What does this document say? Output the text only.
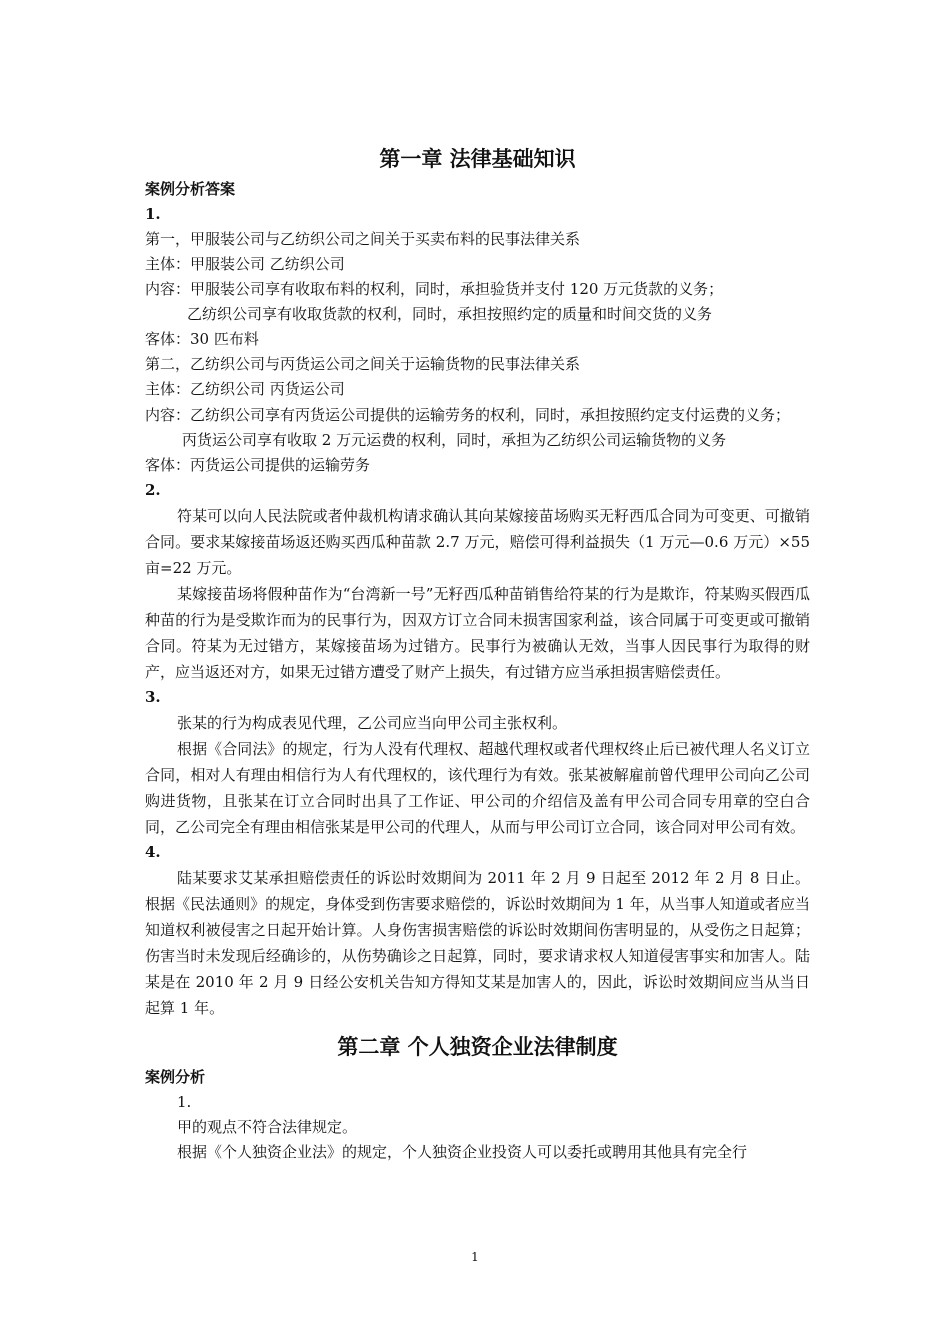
第一章 法律基础知识
案例分析答案
1.
第一，甲服装公司与乙纺织公司之间关于买卖布料的民事法律关系
主体：甲服装公司 乙纺织公司
内容：甲服装公司享有收取布料的权利，同时，承担验货并支付 120 万元货款的义务；
乙纺织公司享有收取货款的权利，同时，承担按照约定的质量和时间交货的义务
客体：30 匹布料
第二，乙纺织公司与丙货运公司之间关于运输货物的民事法律关系
主体：乙纺织公司 丙货运公司
内容：乙纺织公司享有丙货运公司提供的运输劳务的权利，同时，承担按照约定支付运费的义务；
丙货运公司享有收取 2 万元运费的权利，同时，承担为乙纺织公司运输货物的义务
客体：丙货运公司提供的运输劳务
2.
符某可以向人民法院或者仲裁机构请求确认其向某嫁接苗场购买无籽西瓜合同为可变更、可撤销合同。要求某嫁接苗场返还购买西瓜种苗款 2.7 万元，赔偿可得利益损失（1 万元—0.6 万元）×55 亩=22 万元。
某嫁接苗场将假种苗作为“台湾新一号”无籽西瓜种苗销售给符某的行为是欺诈，符某购买假西瓜种苗的行为是受欺诈而为的民事行为，因双方订立合同未损害国家利益，该合同属于可变更或可撤销合同。符某为无过错方，某嫁接苗场为过错方。民事行为被确认无效，当事人因民事行为取得的财产，应当返还对方，如果无过错方遭受了财产上损失，有过错方应当承担损害赔偿责任。
3.
张某的行为构成表见代理，乙公司应当向甲公司主张权利。
根据《合同法》的规定，行为人没有代理权、超越代理权或者代理权终止后已被代理人名义订立合同，相对人有理由相信行为人有代理权的，该代理行为有效。张某被解雇前曾代理甲公司向乙公司购进货物，且张某在订立合同时出具了工作证、甲公司的介绍信及盖有甲公司合同专用章的空白合同，乙公司完全有理由相信张某是甲公司的代理人，从而与甲公司订立合同，该合同对甲公司有效。
4.
陆某要求艾某承担赔偿责任的诉讼时效期间为 2011 年 2 月 9 日起至 2012 年 2 月 8 日止。根据《民法通则》的规定，身体受到伤害要求赔偿的，诉讼时效期间为 1 年，从当事人知道或者应当知道权利被侵害之日起开始计算。人身伤害损害赔偿的诉讼时效期间伤害明显的，从受伤之日起算；伤害当时未发现后经确诊的，从伤势确诊之日起算，同时，要求请求权人知道侵害事实和加害人。陆某是在 2010 年 2 月 9 日经公安机关告知方得知艾某是加害人的，因此，诉讼时效期间应当从当日起算 1 年。
第二章 个人独资企业法律制度
案例分析
1.
甲的观点不符合法律规定。
根据《个人独资企业法》的规定，个人独资企业投资人可以委托或聘用其他具有完全行
1
